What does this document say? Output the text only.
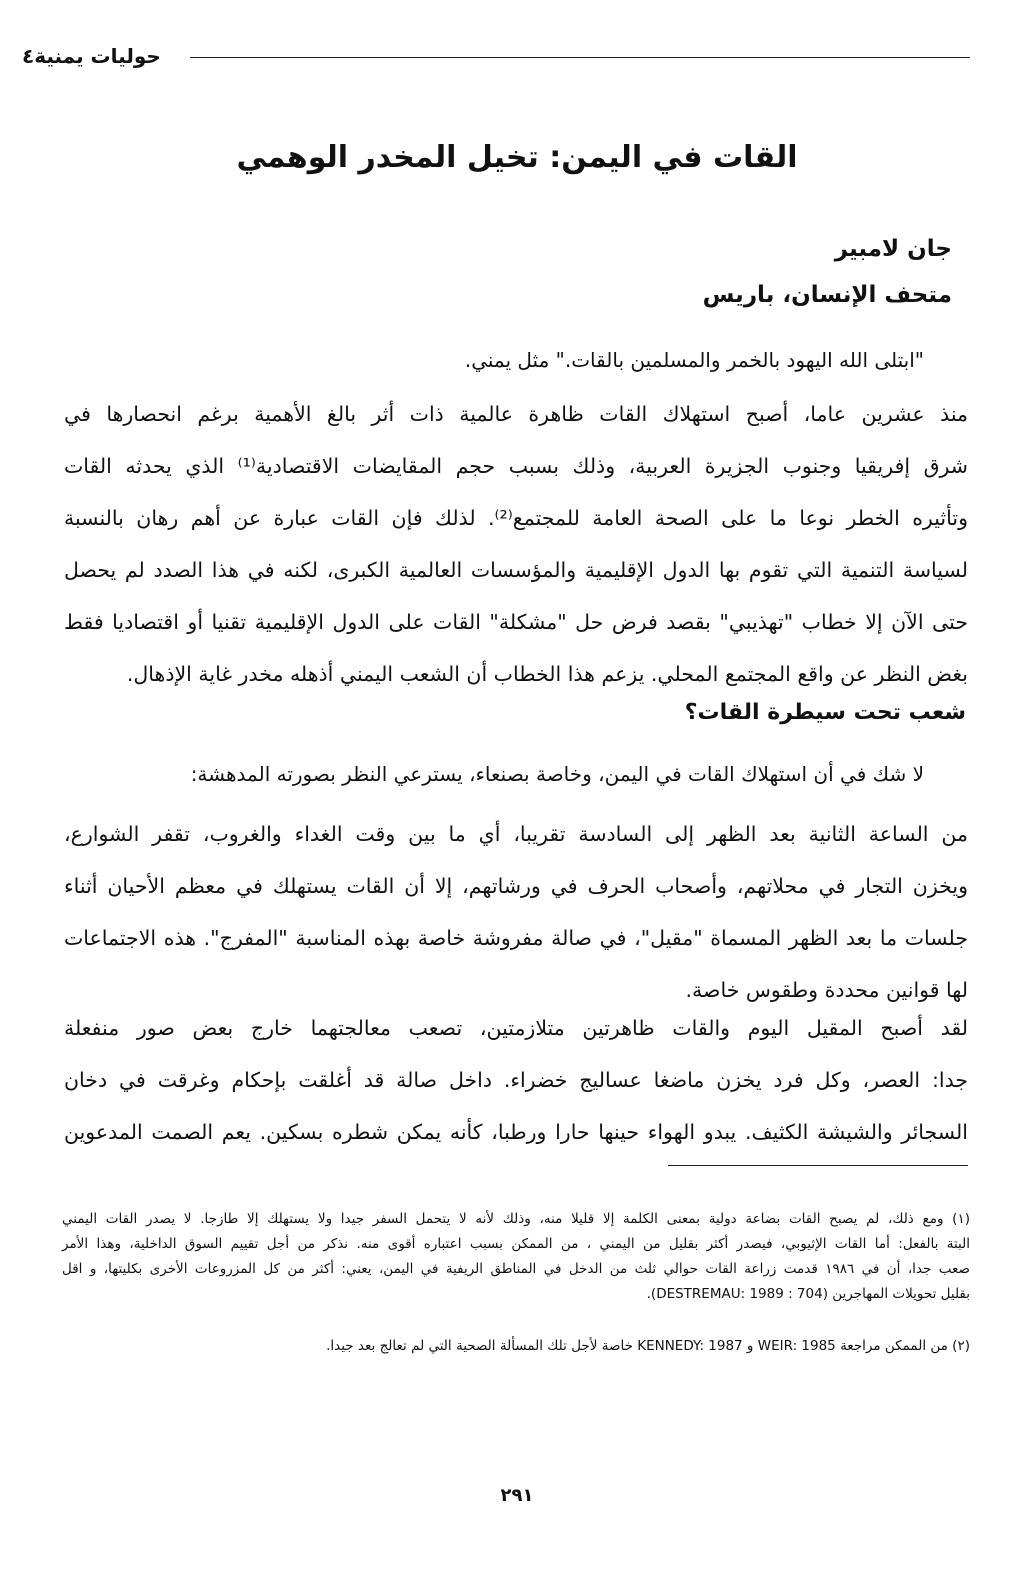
حوليات يمنية٤
القات في اليمن: تخيل المخدر الوهمي
جان لامبير
متحف الإنسان، باريس
"ابتلى الله اليهود بالخمر والمسلمين بالقات." مثل يمني.
منذ عشرين عاما، أصبح استهلاك القات ظاهرة عالمية ذات أثر بالغ الأهمية برغم انحصارها في
شرق إفريقيا وجنوب الجزيرة العربية، وذلك بسبب حجم المقايضات الاقتصادية⁽¹⁾ الذي يحدثه القات
وتأثيره الخطر نوعا ما على الصحة العامة للمجتمع⁽²⁾. لذلك فإن القات عبارة عن أهم رهان بالنسبة
لسياسة التنمية التي تقوم بها الدول الإقليمية والمؤسسات العالمية الكبرى، لكنه في هذا الصدد لم يحصل
حتى الآن إلا خطاب "تهذيبي" بقصد فرض حل "مشكلة" القات على الدول الإقليمية تقنيا أو اقتصاديا فقط
بغض النظر عن واقع المجتمع المحلي. يزعم هذا الخطاب أن الشعب اليمني أذهله مخدر غاية الإذهال.
شعب تحت سيطرة القات؟
لا شك في أن استهلاك القات في اليمن، وخاصة بصنعاء، يسترعي النظر بصورته المدهشة:
من الساعة الثانية بعد الظهر إلى السادسة تقريبا، أي ما بين وقت الغداء والغروب، تقفر الشوارع،
ويخزن التجار في محلاتهم، وأصحاب الحرف في ورشاتهم، إلا أن القات يستهلك في معظم الأحيان أثناء
جلسات ما بعد الظهر المسماة "مقيل"، في صالة مفروشة خاصة بهذه المناسبة "المفرج". هذه الاجتماعات
لها قوانين محددة وطقوس خاصة.
لقد أصبح المقيل اليوم والقات ظاهرتين متلازمتين، تصعب معالجتهما خارج بعض صور منفعلة
جدا: العصر، وكل فرد يخزن ماضغا عساليج خضراء. داخل صالة قد أغلقت بإحكام وغرقت في دخان
السجائر والشيشة الكثيف. يبدو الهواء حينها حارا ورطبا، كأنه يمكن شطره بسكين. يعم الصمت المدعوين
(١) ومع ذلك، لم يصبح القات بضاعة دولية بمعنى الكلمة إلا قليلا منه، وذلك لأنه لا يتحمل السفر جيدا ولا يستهلك إلا طازجا. لا يصدر القات اليمني
البتة بالفعل: أما القات الإثيوبي، فيصدر أكثر بقليل من اليمني ، من الممكن بسبب اعتباره أقوى منه. نذكر من أجل تقييم السوق الداخلية، وهذا الأمر
صعب جدا، أن في ١٩٨٦ قدمت زراعة القات حوالي ثلث من الدخل في المناطق الريفية في اليمن، يعني: أكثر من كل المزروعات الأخرى بكليتها، و اقل
بقليل تحويلات المهاجرين (DESTREMAU: 1989 : 704).
(٢) من الممكن مراجعة WEIR: 1985 و KENNEDY: 1987 خاصة لأجل تلك المسألة الصحية التي لم تعالج بعد جيدا.
٢٩١
